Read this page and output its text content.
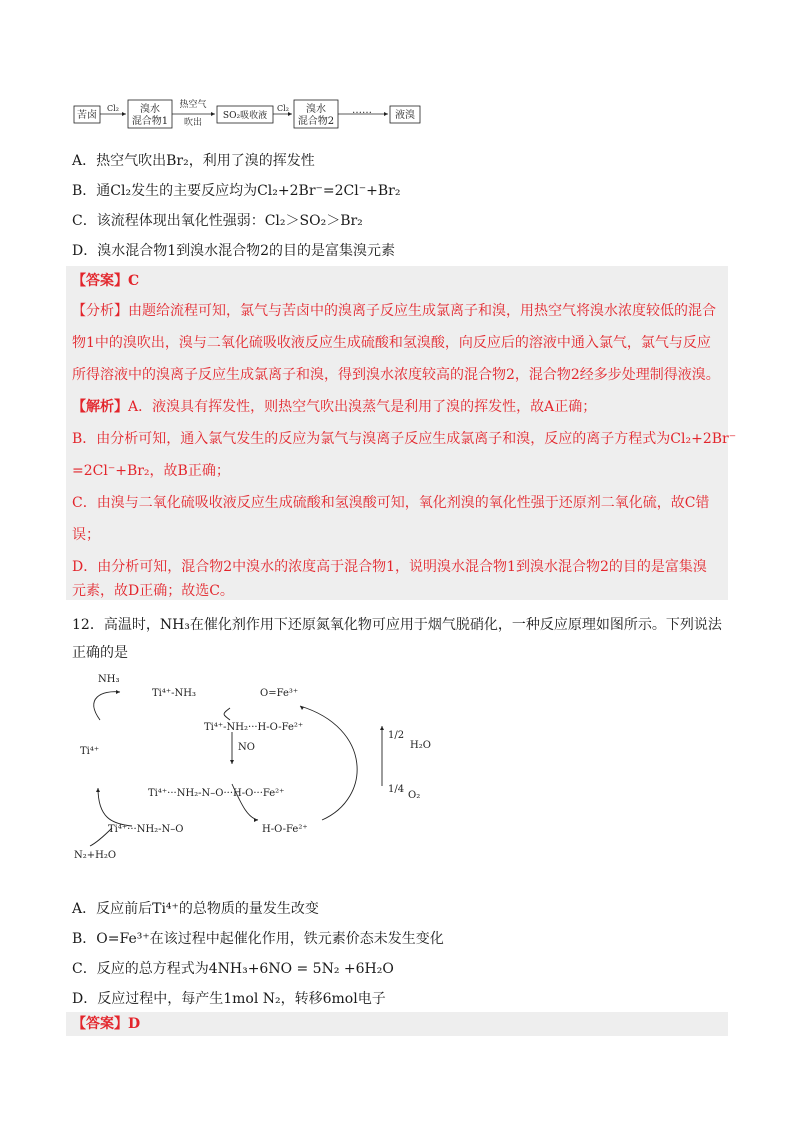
苦卤
Cl₂ 溴水
混合物1
热空气
吹出
SO₂吸收液
Cl₂ 溴水
混合物2
…… 液溴
A．热空气吹出Br₂，利用了溴的挥发性
B．通Cl₂发生的主要反应均为Cl₂+2Br⁻=2Cl⁻+Br₂
C．该流程体现出氧化性强弱：Cl₂＞SO₂＞Br₂
D．溴水混合物1到溴水混合物2的目的是富集溴元素
【答案】C
【分析】由题给流程可知，氯气与苦卤中的溴离子反应生成氯离子和溴，用热空气将溴水浓度较低的混合
物1中的溴吹出，溴与二氧化硫吸收液反应生成硫酸和氢溴酸，向反应后的溶液中通入氯气，氯气与反应
所得溶液中的溴离子反应生成氯离子和溴，得到溴水浓度较高的混合物2，混合物2经多步处理制得液溴。
【解析】A．液溴具有挥发性，则热空气吹出溴蒸气是利用了溴的挥发性，故A正确；
B．由分析可知，通入氯气发生的反应为氯气与溴离子反应生成氯离子和溴，反应的离子方程式为Cl₂+2Br⁻
=2Cl⁻+Br₂，故B正确；
C．由溴与二氧化硫吸收液反应生成硫酸和氢溴酸可知，氧化剂溴的氧化性强于还原剂二氧化硫，故C错
误；
D．由分析可知，混合物2中溴水的浓度高于混合物1，说明溴水混合物1到溴水混合物2的目的是富集溴
元素，故D正确；故选C。
12．高温时，NH₃在催化剂作用下还原氮氧化物可应用于烟气脱硝化，一种反应原理如图所示。下列说法
正确的是
NH₃
Ti⁴⁺-NH₃	O=Fe³⁺
Ti⁴⁺-NH₂···H-O-Fe²⁺
NO
Ti⁴⁺
1/2
H₂O
Ti⁴⁺···NH₂-N–O···H-O···Fe²⁺	1/4
O₂
Ti⁴⁺···NH₂-N–O	H-O-Fe²⁺
N₂+H₂O
A．反应前后Ti⁴⁺的总物质的量发生改变
B．O=Fe³⁺在该过程中起催化作用，铁元素价态未发生变化
C．反应的总方程式为4NH₃+6NO = 5N₂ +6H₂O
D．反应过程中，每产生1mol N₂，转移6mol电子
【答案】D
